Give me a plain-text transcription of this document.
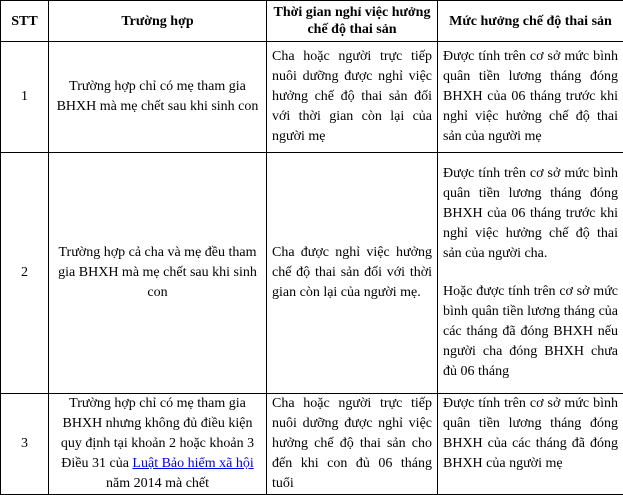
STT	Trường hợp	Thời gian nghỉ việc hưởng chế độ thai sản	Mức hưởng chế độ thai sản
1	Trường hợp chỉ có mẹ tham gia BHXH mà mẹ chết sau khi sinh con	Cha hoặc người trực tiếp nuôi dưỡng được nghỉ việc hưởng chế độ thai sản đối với thời gian còn lại của người mẹ	Được tính trên cơ sở mức bình quân tiền lương tháng đóng BHXH của 06 tháng trước khi nghỉ việc hưởng chế độ thai sản của người mẹ
2	Trường hợp cả cha và mẹ đều tham gia BHXH mà mẹ chết sau khi sinh con	Cha được nghỉ việc hưởng chế độ thai sản đối với thời gian còn lại của người mẹ.	Được tính trên cơ sở mức bình quân tiền lương tháng đóng BHXH của 06 tháng trước khi nghỉ việc hưởng chế độ thai sản của người cha.
Hoặc được tính trên cơ sở mức bình quân tiền lương tháng của các tháng đã đóng BHXH nếu người cha đóng BHXH chưa đủ 06 tháng
3	Trường hợp chỉ có mẹ tham gia BHXH nhưng không đủ điều kiện quy định tại khoản 2 hoặc khoản 3 Điều 31 của Luật Bảo hiểm xã hội năm 2014 mà chết	Cha hoặc người trực tiếp nuôi dưỡng được nghỉ việc hưởng chế độ thai sản cho đến khi con đủ 06 tháng tuổi	Được tính trên cơ sở mức bình quân tiền lương tháng đóng BHXH của các tháng đã đóng BHXH của người mẹ
